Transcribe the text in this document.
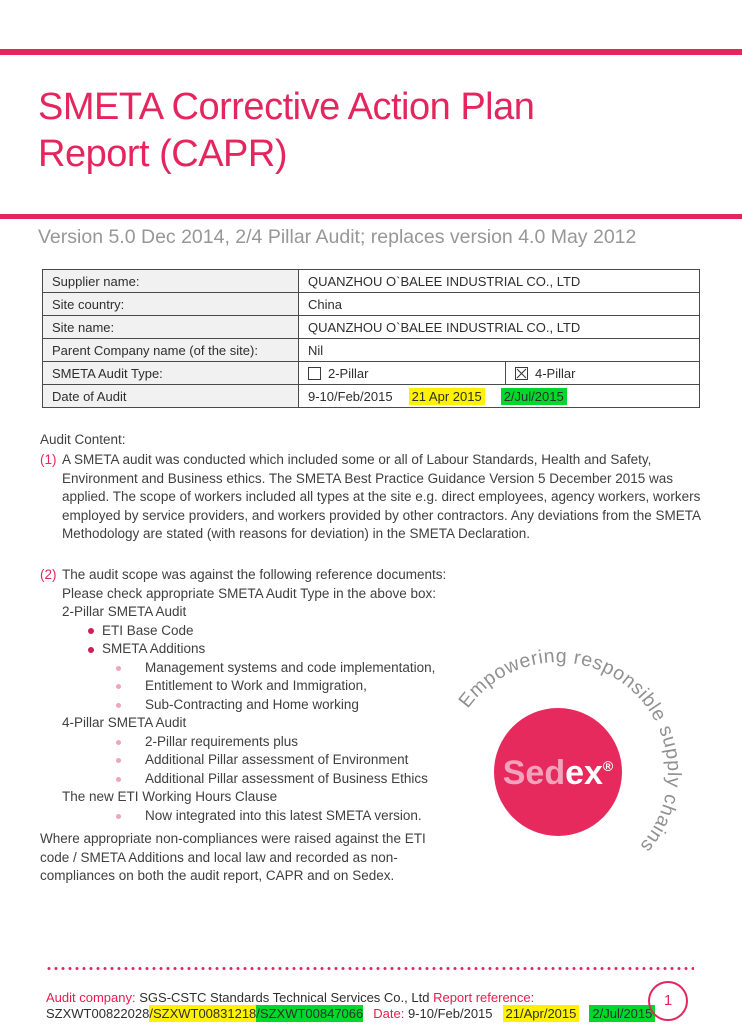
SMETA Corrective Action Plan
Report (CAPR)
Version 5.0 Dec 2014, 2/4 Pillar Audit; replaces version 4.0 May 2012
Supplier name:	QUANZHOU O`BALEE INDUSTRIAL CO., LTD	
Site country:	China	
Site name:	QUANZHOU O`BALEE INDUSTRIAL CO., LTD	
Parent Company name (of the site):	Nil	
SMETA Audit Type:	2-Pillar	4-Pillar
Date of Audit	9-10/Feb/2015 21 Apr 2015 2/Jul/2015	
Audit Content:
(1) A SMETA audit was conducted which included some or all of Labour Standards, Health and Safety, Environment and Business ethics. The SMETA Best Practice Guidance Version 5 December 2015 was applied. The scope of workers included all types at the site e.g. direct employees, agency workers, workers employed by service providers, and workers provided by other contractors. Any deviations from the SMETA Methodology are stated (with reasons for deviation) in the SMETA Declaration.
(2) The audit scope was against the following reference documents:
Please check appropriate SMETA Audit Type in the above box:
2-Pillar SMETA Audit
ETI Base Code
SMETA Additions
Management systems and code implementation,
Entitlement to Work and Immigration,
Sub-Contracting and Home working
4-Pillar SMETA Audit
2-Pillar requirements plus
Additional Pillar assessment of Environment
Additional Pillar assessment of Business Ethics
The new ETI Working Hours Clause
Now integrated into this latest SMETA version.
Where appropriate non-compliances were raised against the ETI code / SMETA Additions and local law and recorded as non-compliances on both the audit report, CAPR and on Sedex.
Empowering responsible supply chains
Sedex®
Audit company: SGS-CSTC Standards Technical Services Co., Ltd Report reference:
SZXWT00822028/SZXWT00831218/SZXWT00847066 Date: 9-10/Feb/2015 21/Apr/2015 2/Jul/2015
1
